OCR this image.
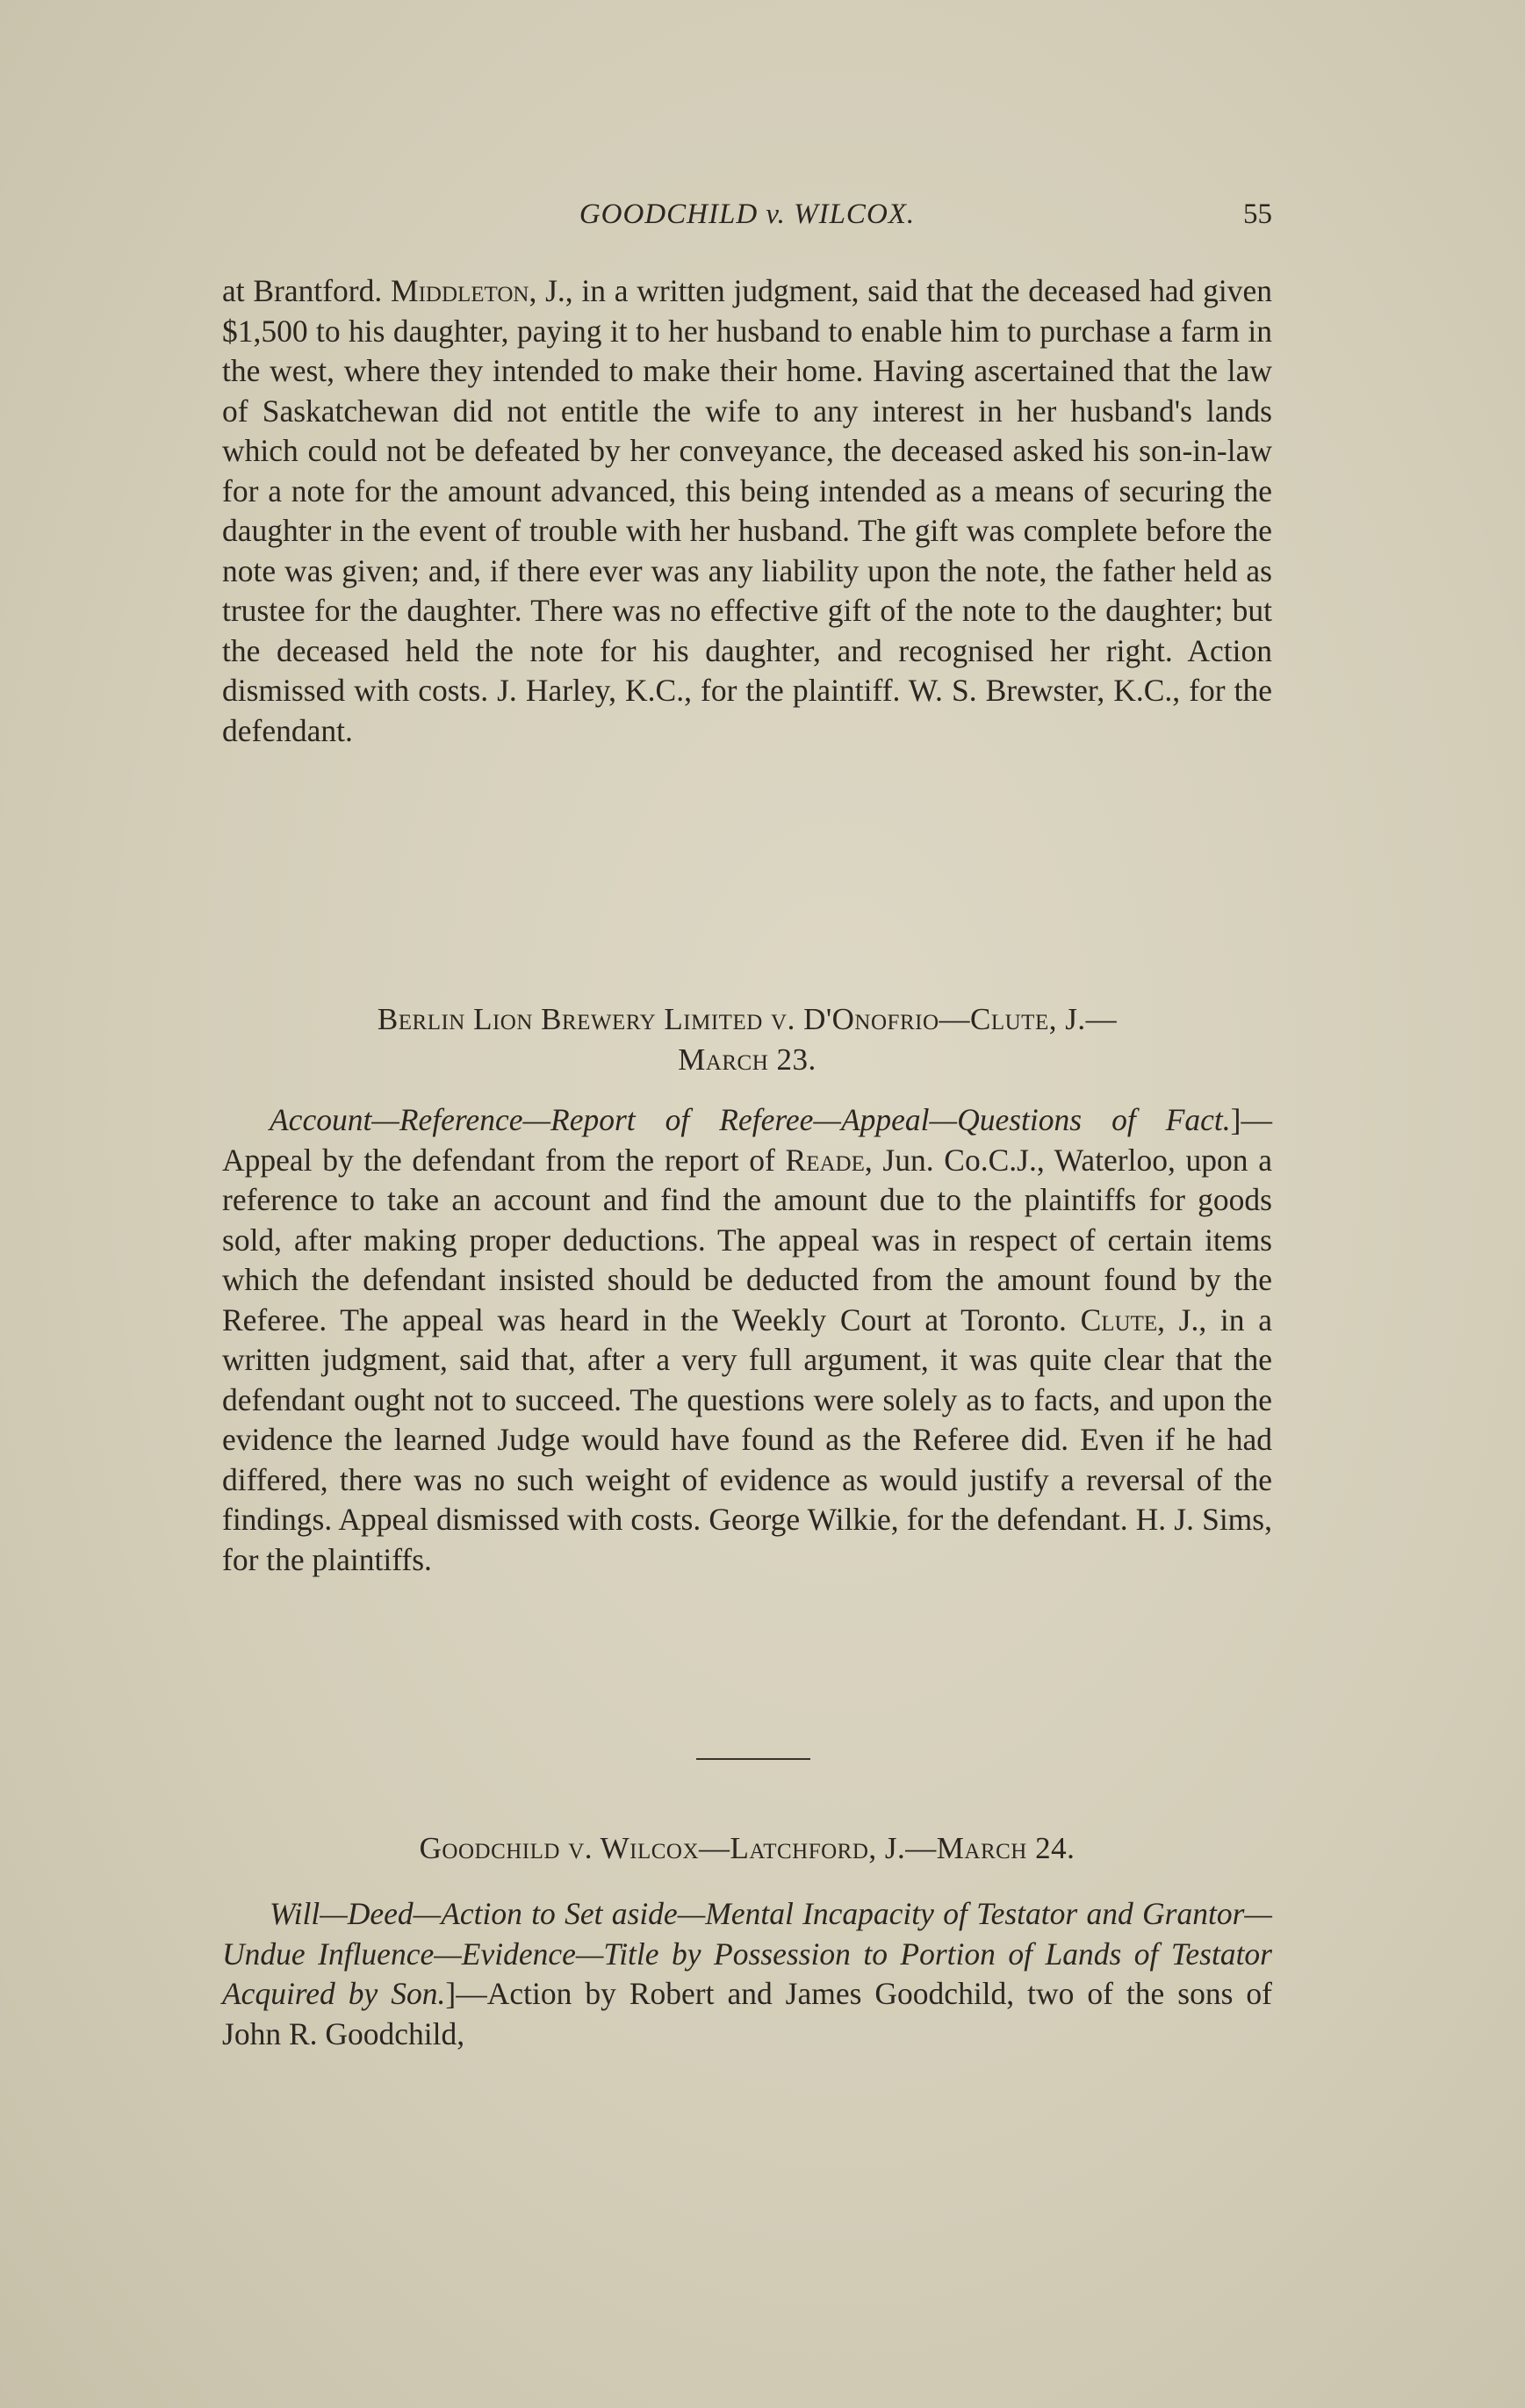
GOODCHILD v. WILCOX.	55

at Brantford. Middleton, J., in a written judgment, said that the deceased had given $1,500 to his daughter, paying it to her husband to enable him to purchase a farm in the west, where they intended to make their home. Having ascertained that the law of Saskatchewan did not entitle the wife to any interest in her husband's lands which could not be defeated by her conveyance, the deceased asked his son-in-law for a note for the amount advanced, this being intended as a means of securing the daughter in the event of trouble with her husband. The gift was complete before the note was given; and, if there ever was any liability upon the note, the father held as trustee for the daughter. There was no effective gift of the note to the daughter; but the deceased held the note for his daughter, and recognised her right. Action dismissed with costs. J. Harley, K.C., for the plaintiff. W. S. Brewster, K.C., for the defendant.

Berlin Lion Brewery Limited v. D'Onofrio—Clute, J.—
March 23.

Account—Reference—Report of Referee—Appeal—Questions of Fact.]—Appeal by the defendant from the report of Reade, Jun. Co.C.J., Waterloo, upon a reference to take an account and find the amount due to the plaintiffs for goods sold, after making proper deductions. The appeal was in respect of certain items which the defendant insisted should be deducted from the amount found by the Referee. The appeal was heard in the Weekly Court at Toronto. Clute, J., in a written judgment, said that, after a very full argument, it was quite clear that the defendant ought not to succeed. The questions were solely as to facts, and upon the evidence the learned Judge would have found as the Referee did. Even if he had differed, there was no such weight of evidence as would justify a reversal of the findings. Appeal dismissed with costs. George Wilkie, for the defendant. H. J. Sims, for the plaintiffs.

Goodchild v. Wilcox—Latchford, J.—March 24.

Will—Deed—Action to Set aside—Mental Incapacity of Testator and Grantor—Undue Influence—Evidence—Title by Possession to Portion of Lands of Testator Acquired by Son.]—Action by Robert and James Goodchild, two of the sons of John R. Goodchild,
